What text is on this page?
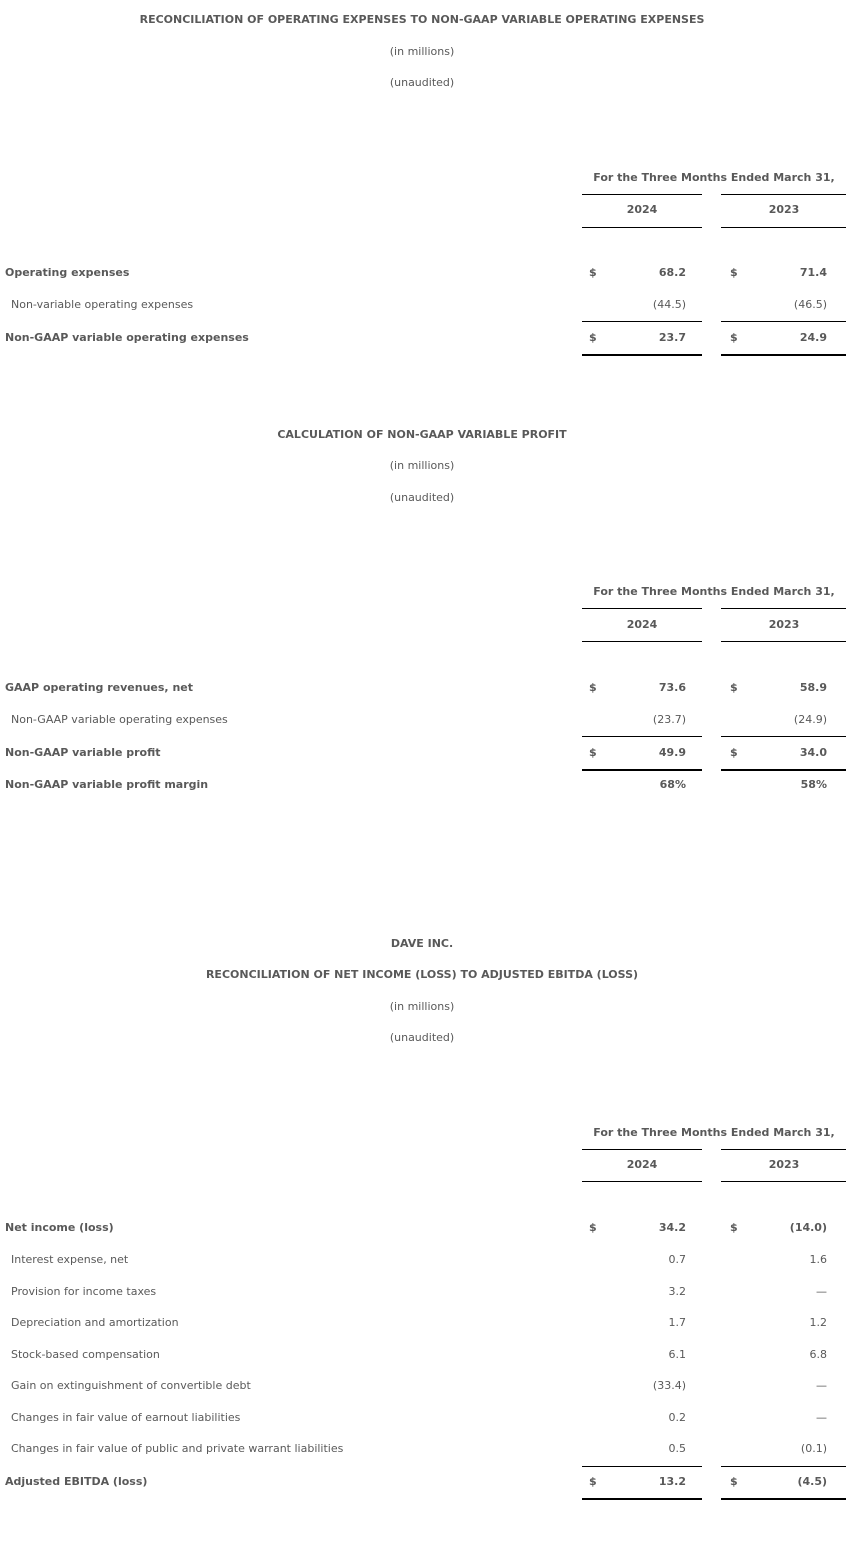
RECONCILIATION OF OPERATING EXPENSES TO NON-GAAP VARIABLE OPERATING EXPENSES
(in millions)
(unaudited)
For the Three Months Ended March 31,
2024	2023
Operating expenses	$	68.2	$	71.4
Non-variable operating expenses	(44.5)	(46.5)
Non-GAAP variable operating expenses	$	23.7	$	24.9
CALCULATION OF NON-GAAP VARIABLE PROFIT
(in millions)
(unaudited)
For the Three Months Ended March 31,
2024	2023
GAAP operating revenues, net	$	73.6	$	58.9
Non-GAAP variable operating expenses	(23.7)	(24.9)
Non-GAAP variable profit	$	49.9	$	34.0
Non-GAAP variable profit margin	68%	58%
DAVE INC.
RECONCILIATION OF NET INCOME (LOSS) TO ADJUSTED EBITDA (LOSS)
(in millions)
(unaudited)
For the Three Months Ended March 31,
2024	2023
Net income (loss)	$	34.2	$	(14.0)
Interest expense, net	0.7	1.6
Provision for income taxes	3.2	—
Depreciation and amortization	1.7	1.2
Stock-based compensation	6.1	6.8
Gain on extinguishment of convertible debt	(33.4)	—
Changes in fair value of earnout liabilities	0.2	—
Changes in fair value of public and private warrant liabilities	0.5	(0.1)
Adjusted EBITDA (loss)	$	13.2	$	(4.5)
